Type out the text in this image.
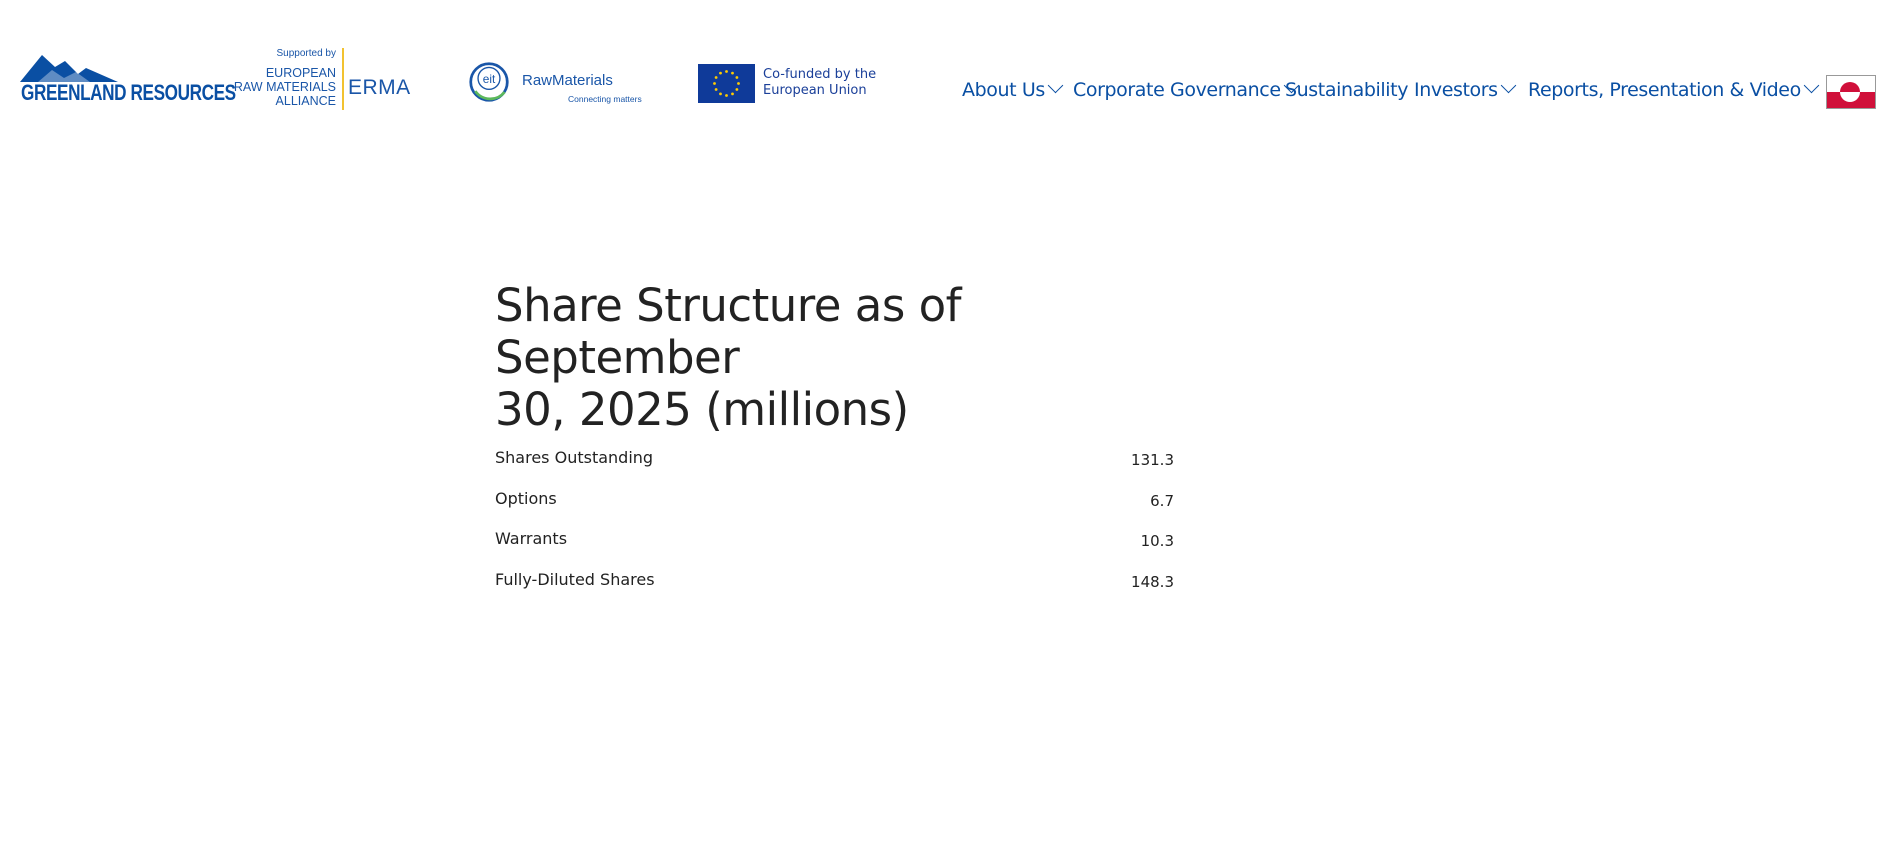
GREENLAND RESOURCES
Supported by
EUROPEAN
RAW MATERIALS
ALLIANCE
ERMA	eit RawMaterials
Connecting matters
Co-funded by the
European Union	About Us	Corporate Governance Sustainability Investors	Reports, Presentation & Video
Share Structure as of September
30, 2025 (millions)
Shares Outstanding	131.3
Options	6.7
Warrants	10.3
Fully-Diluted Shares	148.3
